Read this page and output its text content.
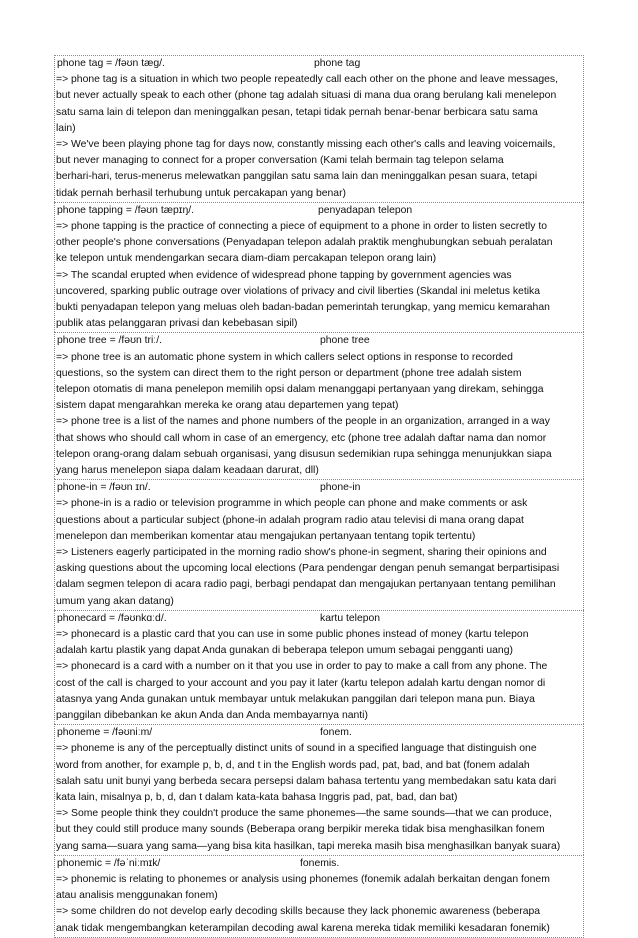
phone tag = /fəʊn tæg/.	phone tag
=> phone tag is a situation in which two people repeatedly call each other on the phone and leave messages,
but never actually speak to each other (phone tag adalah situasi di mana dua orang berulang kali menelepon
satu sama lain di telepon dan meninggalkan pesan, tetapi tidak pernah benar-benar berbicara satu sama
lain)
=> We've been playing phone tag for days now, constantly missing each other's calls and leaving voicemails,
but never managing to connect for a proper conversation (Kami telah bermain tag telepon selama
berhari-hari, terus-menerus melewatkan panggilan satu sama lain dan meninggalkan pesan suara, tetapi
tidak pernah berhasil terhubung untuk percakapan yang benar)
phone tapping = /fəʊn tæpɪŋ/.	penyadapan telepon
=> phone tapping is the practice of connecting a piece of equipment to a phone in order to listen secretly to
other people's phone conversations (Penyadapan telepon adalah praktik menghubungkan sebuah peralatan
ke telepon untuk mendengarkan secara diam-diam percakapan telepon orang lain)
=> The scandal erupted when evidence of widespread phone tapping by government agencies was
uncovered, sparking public outrage over violations of privacy and civil liberties (Skandal ini meletus ketika
bukti penyadapan telepon yang meluas oleh badan-badan pemerintah terungkap, yang memicu kemarahan
publik atas pelanggaran privasi dan kebebasan sipil)
phone tree = /fəʊn triː/.	phone tree
=> phone tree is an automatic phone system in which callers select options in response to recorded
questions, so the system can direct them to the right person or department (phone tree adalah sistem
telepon otomatis di mana penelepon memilih opsi dalam menanggapi pertanyaan yang direkam, sehingga
sistem dapat mengarahkan mereka ke orang atau departemen yang tepat)
=> phone tree is a list of the names and phone numbers of the people in an organization, arranged in a way
that shows who should call whom in case of an emergency, etc (phone tree adalah daftar nama dan nomor
telepon orang-orang dalam sebuah organisasi, yang disusun sedemikian rupa sehingga menunjukkan siapa
yang harus menelepon siapa dalam keadaan darurat, dll)
phone-in = /fəʊn ɪn/.	phone-in
=> phone-in is a radio or television programme in which people can phone and make comments or ask
questions about a particular subject (phone-in adalah program radio atau televisi di mana orang dapat
menelepon dan memberikan komentar atau mengajukan pertanyaan tentang topik tertentu)
=> Listeners eagerly participated in the morning radio show's phone-in segment, sharing their opinions and
asking questions about the upcoming local elections (Para pendengar dengan penuh semangat berpartisipasi
dalam segmen telepon di acara radio pagi, berbagi pendapat dan mengajukan pertanyaan tentang pemilihan
umum yang akan datang)
phonecard = /fəʊnkɑːd/.	kartu telepon
=> phonecard is a plastic card that you can use in some public phones instead of money (kartu telepon
adalah kartu plastik yang dapat Anda gunakan di beberapa telepon umum sebagai pengganti uang)
=> phonecard is a card with a number on it that you use in order to pay to make a call from any phone. The
cost of the call is charged to your account and you pay it later (kartu telepon adalah kartu dengan nomor di
atasnya yang Anda gunakan untuk membayar untuk melakukan panggilan dari telepon mana pun. Biaya
panggilan dibebankan ke akun Anda dan Anda membayarnya nanti)
phoneme = /fəʊniːm/	fonem.
=> phoneme is any of the perceptually distinct units of sound in a specified language that distinguish one
word from another, for example p, b, d, and t in the English words pad, pat, bad, and bat (fonem adalah
salah satu unit bunyi yang berbeda secara persepsi dalam bahasa tertentu yang membedakan satu kata dari
kata lain, misalnya p, b, d, dan t dalam kata-kata bahasa Inggris pad, pat, bad, dan bat)
=> Some people think they couldn't produce the same phonemes—the same sounds—that we can produce,
but they could still produce many sounds (Beberapa orang berpikir mereka tidak bisa menghasilkan fonem
yang sama—suara yang sama—yang bisa kita hasilkan, tapi mereka masih bisa menghasilkan banyak suara)
phonemic = /fəˈniːmɪk/	fonemis.
=> phonemic is relating to phonemes or analysis using phonemes (fonemik adalah berkaitan dengan fonem
atau analisis menggunakan fonem)
=> some children do not develop early decoding skills because they lack phonemic awareness (beberapa
anak tidak mengembangkan keterampilan decoding awal karena mereka tidak memiliki kesadaran fonemik)
